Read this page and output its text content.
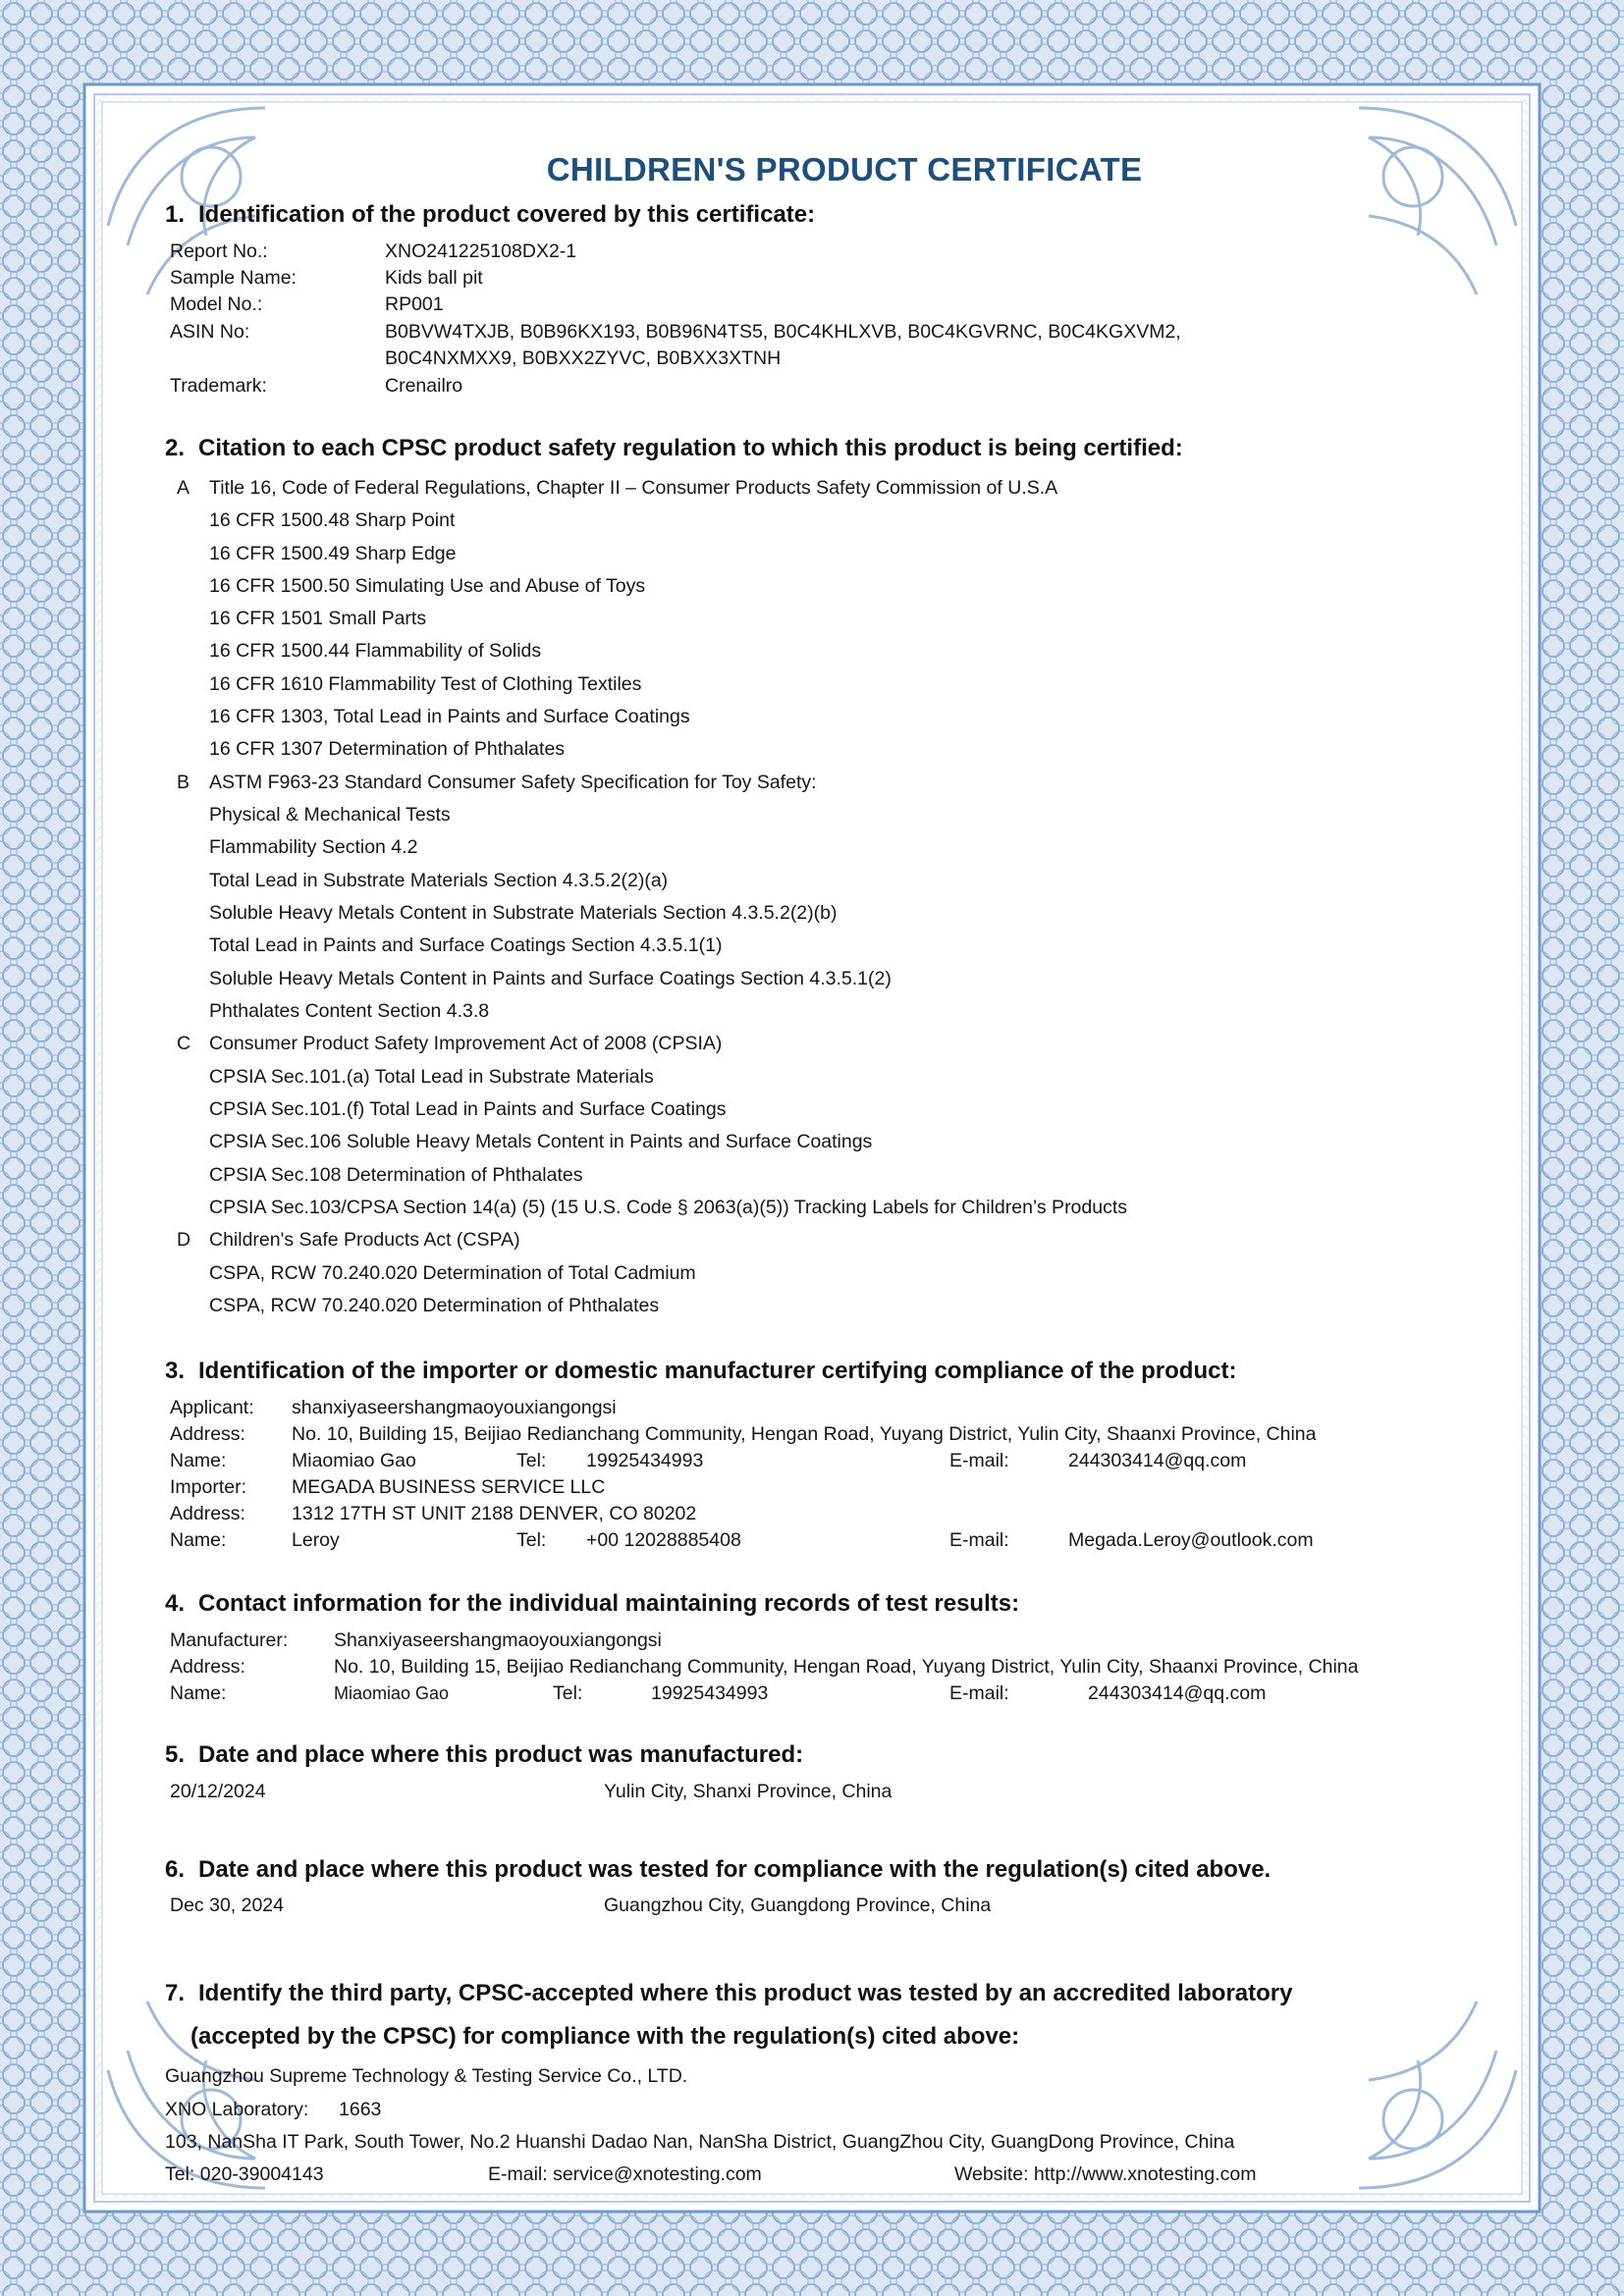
CHILDREN'S PRODUCT CERTIFICATE
1. Identification of the product covered by this certificate:
Report No.:	XNO241225108DX2-1
Sample Name:	Kids ball pit
Model No.:	RP001
ASIN No:	B0BVW4TXJB, B0B96KX193, B0B96N4TS5, B0C4KHLXVB, B0C4KGVRNC, B0C4KGXVM2,
B0C4NXMXX9, B0BXX2ZYVC, B0BXX3XTNH
Trademark:	Crenailro
2. Citation to each CPSC product safety regulation to which this product is being certified:
A Title 16, Code of Federal Regulations, Chapter II – Consumer Products Safety Commission of U.S.A
16 CFR 1500.48 Sharp Point
16 CFR 1500.49 Sharp Edge
16 CFR 1500.50 Simulating Use and Abuse of Toys
16 CFR 1501 Small Parts
16 CFR 1500.44 Flammability of Solids
16 CFR 1610 Flammability Test of Clothing Textiles
16 CFR 1303, Total Lead in Paints and Surface Coatings
16 CFR 1307 Determination of Phthalates
B ASTM F963-23 Standard Consumer Safety Specification for Toy Safety:
Physical & Mechanical Tests
Flammability Section 4.2
Total Lead in Substrate Materials Section 4.3.5.2(2)(a)
Soluble Heavy Metals Content in Substrate Materials Section 4.3.5.2(2)(b)
Total Lead in Paints and Surface Coatings Section 4.3.5.1(1)
Soluble Heavy Metals Content in Paints and Surface Coatings Section 4.3.5.1(2)
Phthalates Content Section 4.3.8
C Consumer Product Safety Improvement Act of 2008 (CPSIA)
CPSIA Sec.101.(a) Total Lead in Substrate Materials
CPSIA Sec.101.(f) Total Lead in Paints and Surface Coatings
CPSIA Sec.106 Soluble Heavy Metals Content in Paints and Surface Coatings
CPSIA Sec.108 Determination of Phthalates
CPSIA Sec.103/CPSA Section 14(a) (5) (15 U.S. Code § 2063(a)(5)) Tracking Labels for Children’s Products
D Children's Safe Products Act (CSPA)
CSPA, RCW 70.240.020 Determination of Total Cadmium
CSPA, RCW 70.240.020 Determination of Phthalates
3. Identification of the importer or domestic manufacturer certifying compliance of the product:
Applicant: shanxiyaseershangmaoyouxiangongsi
Address: No. 10, Building 15, Beijiao Redianchang Community, Hengan Road, Yuyang District, Yulin City, Shaanxi Province, China
Name:	Miaomiao Gao	Tel: 19925434993	E-mail:	244303414@qq.com
Importer: MEGADA BUSINESS SERVICE LLC
Address: 1312 17TH ST UNIT 2188 DENVER, CO 80202
Name:	Leroy	Tel: +00 12028885408	E-mail:	Megada.Leroy@outlook.com
4. Contact information for the individual maintaining records of test results:
Manufacturer: Shanxiyaseershangmaoyouxiangongsi
Address:	No. 10, Building 15, Beijiao Redianchang Community, Hengan Road, Yuyang District, Yulin City, Shaanxi Province, China
Name:	Miaomiao Gao	Tel:	19925434993	E-mail:	244303414@qq.com
5. Date and place where this product was manufactured:
20/12/2024	Yulin City, Shanxi Province, China
6. Date and place where this product was tested for compliance with the regulation(s) cited above.
Dec 30, 2024	Guangzhou City, Guangdong Province, China
7. Identify the third party, CPSC-accepted where this product was tested by an accredited laboratory
(accepted by the CPSC) for compliance with the regulation(s) cited above:
Guangzhou Supreme Technology & Testing Service Co., LTD.
XNO Laboratory: 1663
103, NanSha IT Park, South Tower, No.2 Huanshi Dadao Nan, NanSha District, GuangZhou City, GuangDong Province, China
Tel: 020-39004143	E-mail: service@xnotesting.com	Website: http://www.xnotesting.com
